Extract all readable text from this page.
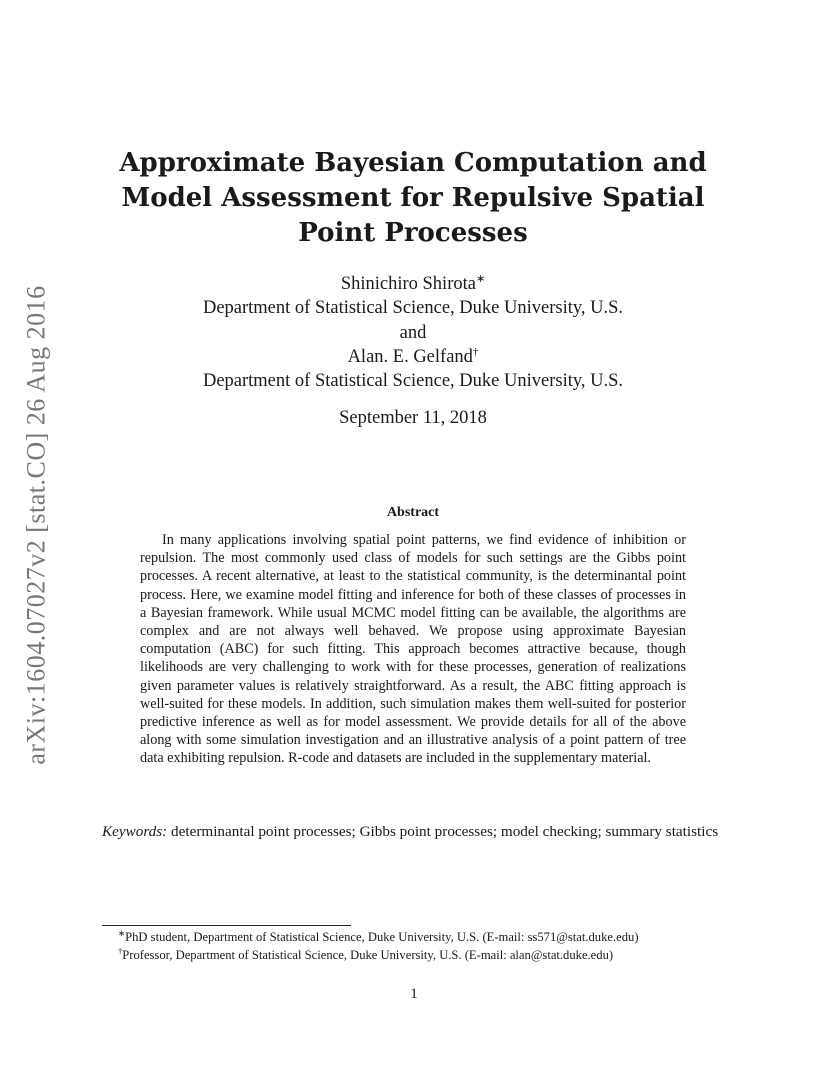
arXiv:1604.07027v2 [stat.CO] 26 Aug 2016
Approximate Bayesian Computation and
Model Assessment for Repulsive Spatial
Point Processes
Shinichiro Shirota∗
Department of Statistical Science, Duke University, U.S.
and
Alan. E. Gelfand†
Department of Statistical Science, Duke University, U.S.
September 11, 2018
Abstract

In many applications involving spatial point patterns, we find evidence of inhibition or repulsion. The most commonly used class of models for such settings are the Gibbs point processes. A recent alternative, at least to the statistical community, is the determinantal point process. Here, we examine model fitting and inference for both of these classes of processes in a Bayesian framework. While usual MCMC model fitting can be available, the algorithms are complex and are not always well behaved. We propose using approximate Bayesian computation (ABC) for such fitting. This approach becomes attractive because, though likelihoods are very challenging to work with for these processes, generation of realizations given parameter values is relatively straightforward. As a result, the ABC fitting approach is well-suited for these models. In addition, such simulation makes them well-suited for posterior predictive inference as well as for model assessment. We provide details for all of the above along with some simulation investigation and an illustrative analysis of a point pattern of tree data exhibiting repulsion. R-code and datasets are included in the supplementary material.

Keywords: determinantal point processes; Gibbs point processes; model checking; summary statistics

∗PhD student, Department of Statistical Science, Duke University, U.S. (E-mail: ss571@stat.duke.edu)
†Professor, Department of Statistical Science, Duke University, U.S. (E-mail: alan@stat.duke.edu)
1
